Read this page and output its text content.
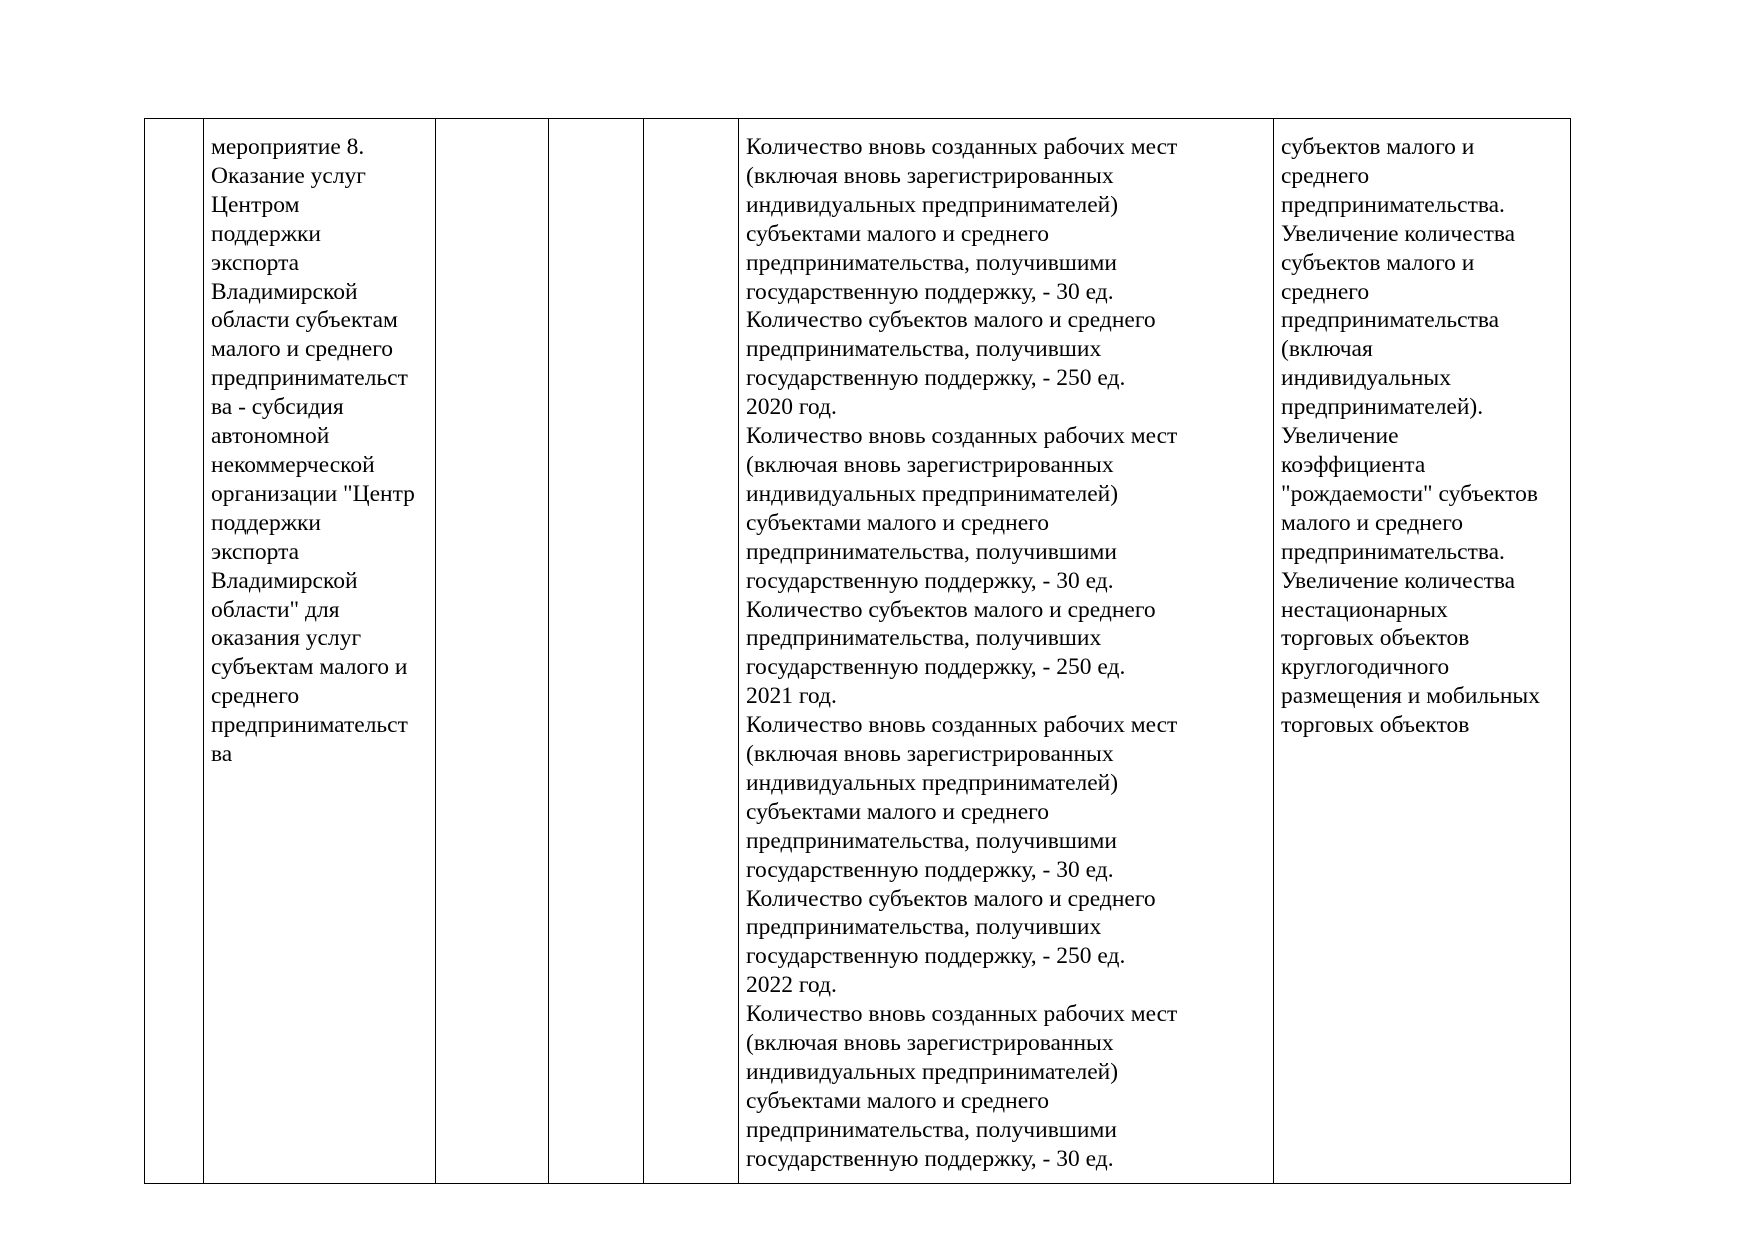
	мероприятие 8.
Оказание услуг
Центром
поддержки
экспорта
Владимирской
области субъектам
малого и среднего
предпринимательст
ва - субсидия
автономной
некоммерческой
организации "Центр
поддержки
экспорта
Владимирской
области" для
оказания услуг
субъектам малого и
среднего
предпринимательст
ва				Количество вновь созданных рабочих мест
(включая вновь зарегистрированных
индивидуальных предпринимателей)
субъектами малого и среднего
предпринимательства, получившими
государственную поддержку, - 30 ед.
Количество субъектов малого и среднего
предпринимательства, получивших
государственную поддержку, - 250 ед.
2020 год.
Количество вновь созданных рабочих мест
(включая вновь зарегистрированных
индивидуальных предпринимателей)
субъектами малого и среднего
предпринимательства, получившими
государственную поддержку, - 30 ед.
Количество субъектов малого и среднего
предпринимательства, получивших
государственную поддержку, - 250 ед.
2021 год.
Количество вновь созданных рабочих мест
(включая вновь зарегистрированных
индивидуальных предпринимателей)
субъектами малого и среднего
предпринимательства, получившими
государственную поддержку, - 30 ед.
Количество субъектов малого и среднего
предпринимательства, получивших
государственную поддержку, - 250 ед.
2022 год.
Количество вновь созданных рабочих мест
(включая вновь зарегистрированных
индивидуальных предпринимателей)
субъектами малого и среднего
предпринимательства, получившими
государственную поддержку, - 30 ед.	субъектов малого и
среднего
предпринимательства.
Увеличение количества
субъектов малого и
среднего
предпринимательства
(включая
индивидуальных
предпринимателей).
Увеличение
коэффициента
"рождаемости" субъектов
малого и среднего
предпринимательства.
Увеличение количества
нестационарных
торговых объектов
круглогодичного
размещения и мобильных
торговых объектов
